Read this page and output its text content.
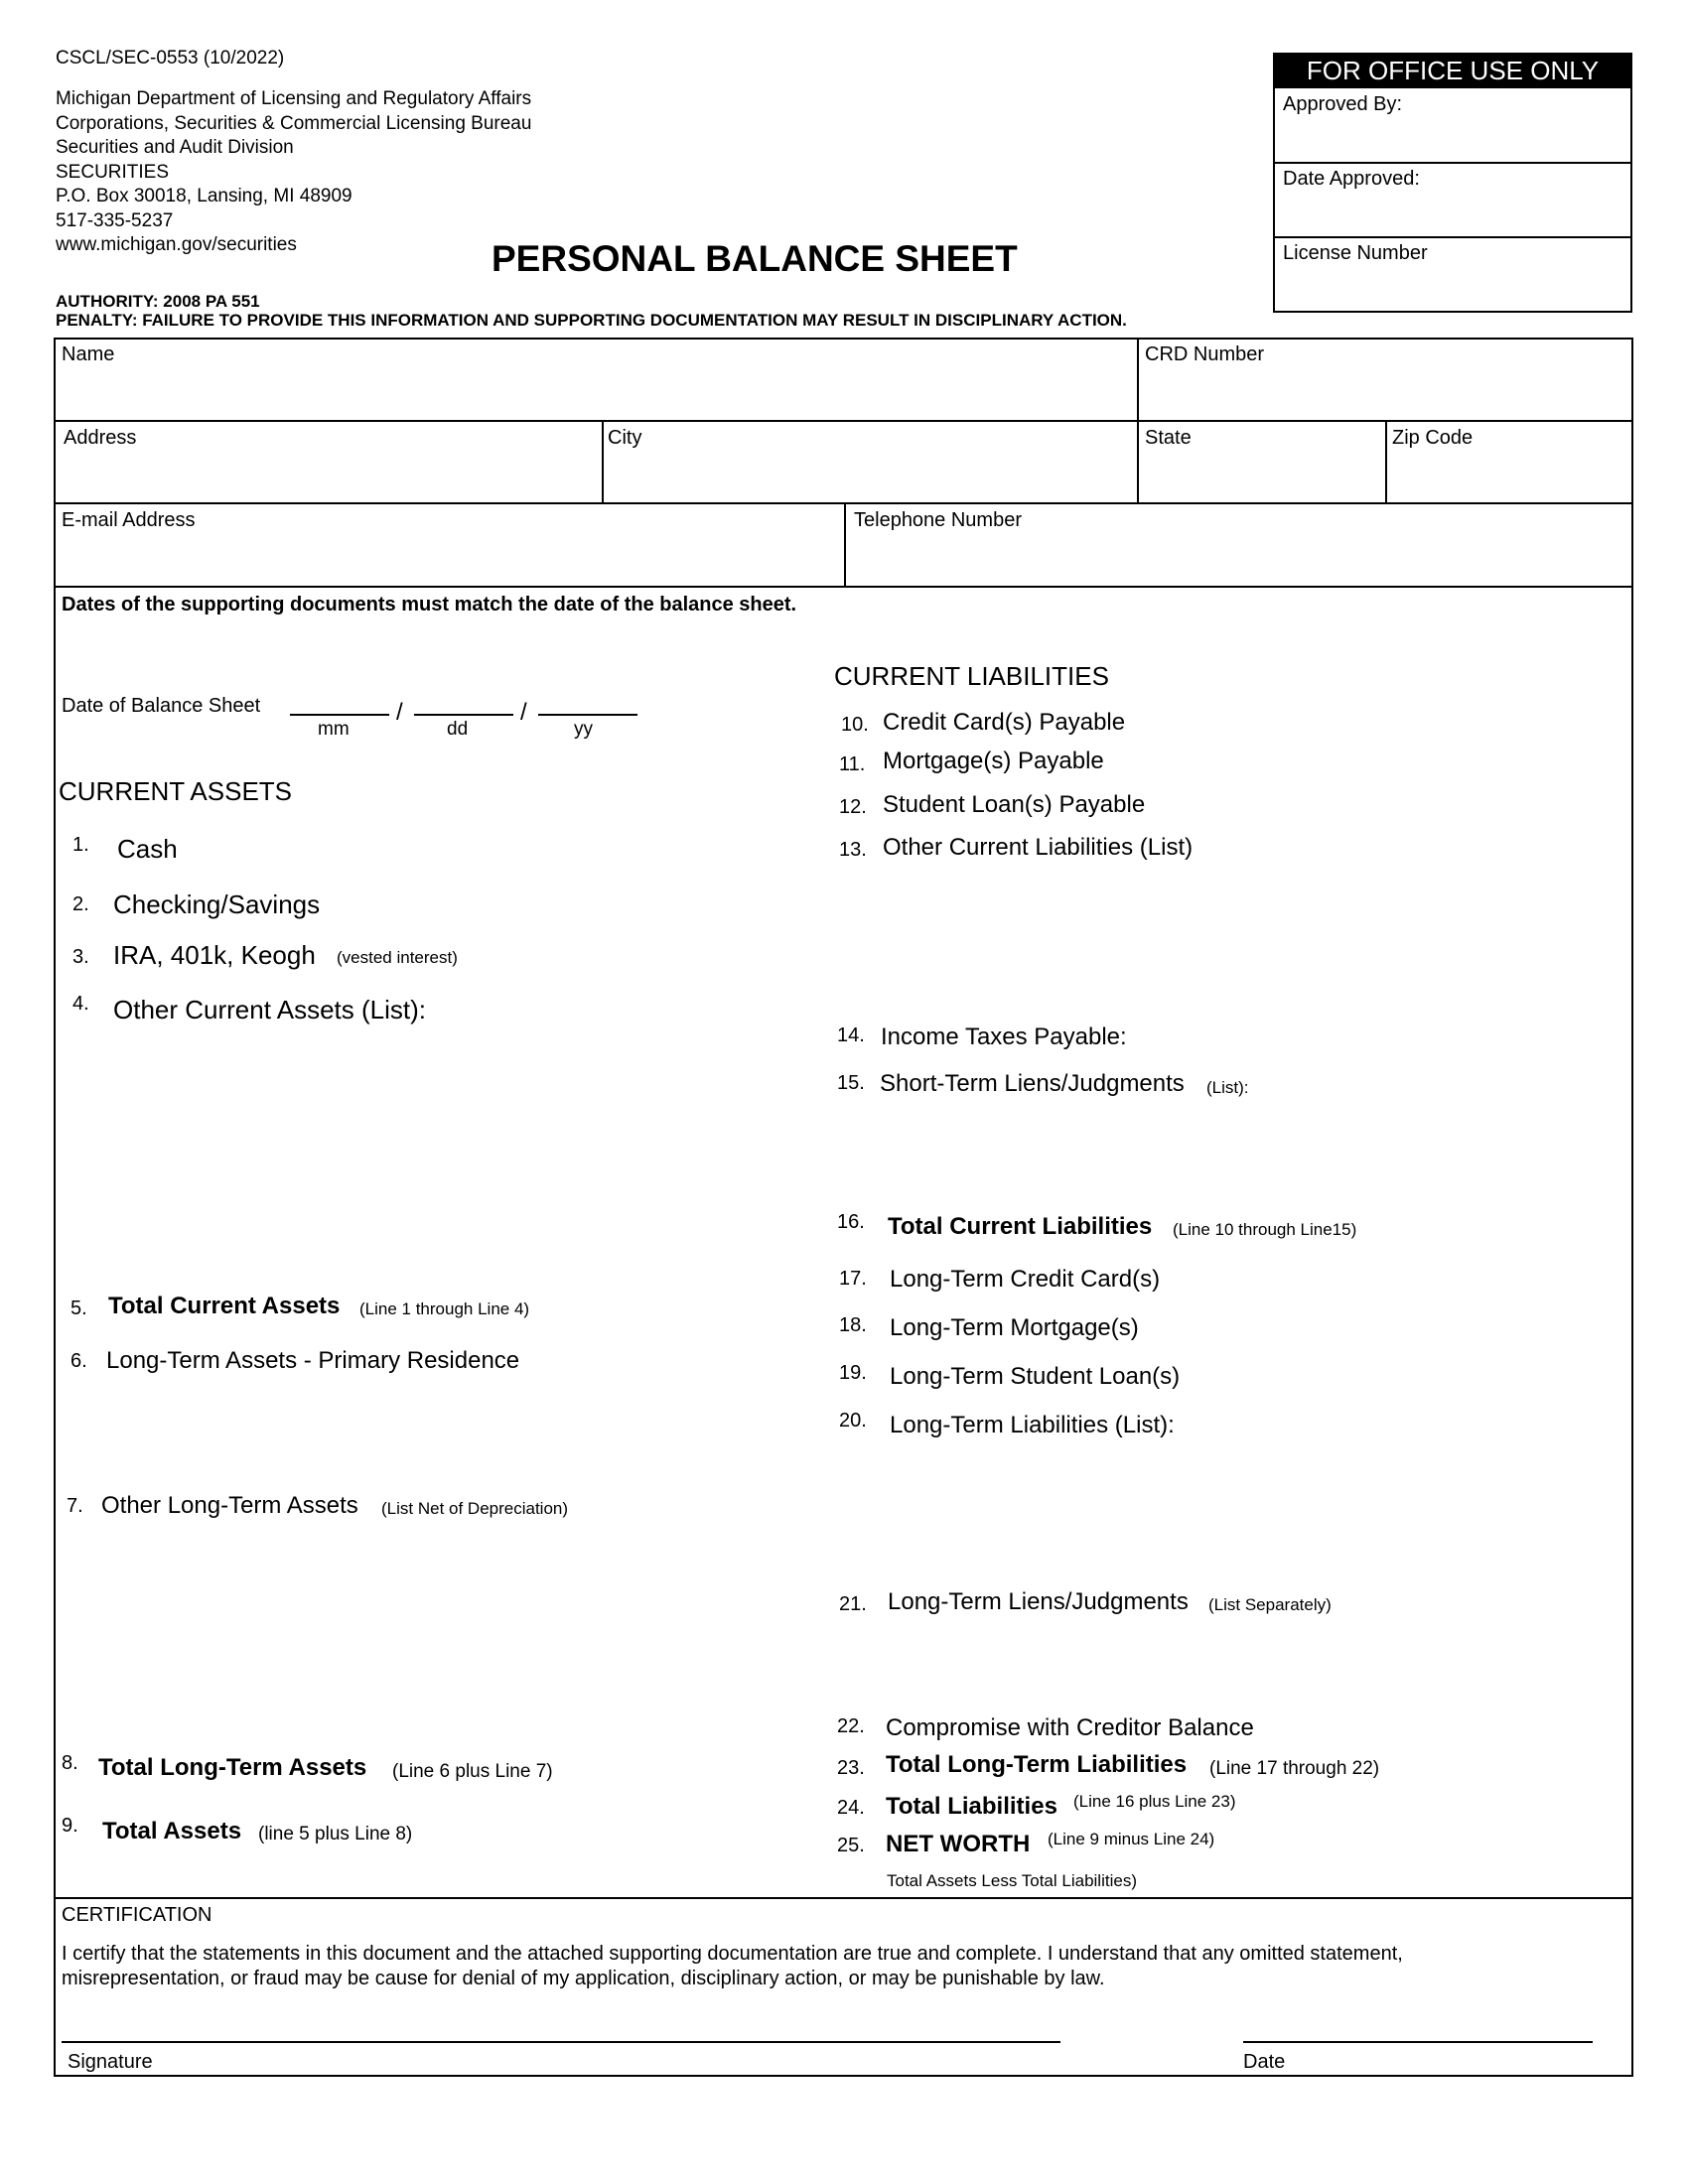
CSCL/SEC-0553 (10/2022)
Michigan Department of Licensing and Regulatory Affairs
Corporations, Securities & Commercial Licensing Bureau
Securities and Audit Division
SECURITIES
P.O. Box 30018, Lansing, MI 48909
517-335-5237
www.michigan.gov/securities	PERSONAL BALANCE SHEET
AUTHORITY: 2008 PA 551
PENALTY: FAILURE TO PROVIDE THIS INFORMATION AND SUPPORTING DOCUMENTATION MAY RESULT IN DISCIPLINARY ACTION.
FOR OFFICE USE ONLY
Approved By:
Date Approved:
License Number
Name	CRD Number
Address	City	State	Zip Code
E-mail Address	Telephone Number
Dates of the supporting documents must match the date of the balance sheet.
Date of Balance Sheet	/	/
mm	dd	yy
CURRENT ASSETS
1. Cash
2. Checking/Savings
3. IRA, 401k, Keogh (vested interest)
4. Other Current Assets (List):
5. Total Current Assets (Line 1 through Line 4)
6. Long-Term Assets - Primary Residence
7. Other Long-Term Assets (List Net of Depreciation)
8. Total Long-Term Assets (Line 6 plus Line 7)
9. Total Assets (line 5 plus Line 8)
CURRENT LIABILITIES
10. Credit Card(s) Payable
11. Mortgage(s) Payable
12. Student Loan(s) Payable
13. Other Current Liabilities (List)
14. Income Taxes Payable:
15. Short-Term Liens/Judgments (List):
16. Total Current Liabilities (Line 10 through Line15)
17. Long-Term Credit Card(s)
18. Long-Term Mortgage(s)
19. Long-Term Student Loan(s)
20. Long-Term Liabilities (List):
21. Long-Term Liens/Judgments (List Separately)
22. Compromise with Creditor Balance
23. Total Long-Term Liabilities (Line 17 through 22)
24. Total Liabilities (Line 16 plus Line 23)
25. NET WORTH (Line 9 minus Line 24)
Total Assets Less Total Liabilities)
CERTIFICATION
I certify that the statements in this document and the attached supporting documentation are true and complete. I understand that any omitted statement,
misrepresentation, or fraud may be cause for denial of my application, disciplinary action, or may be punishable by law.
Signature	Date
